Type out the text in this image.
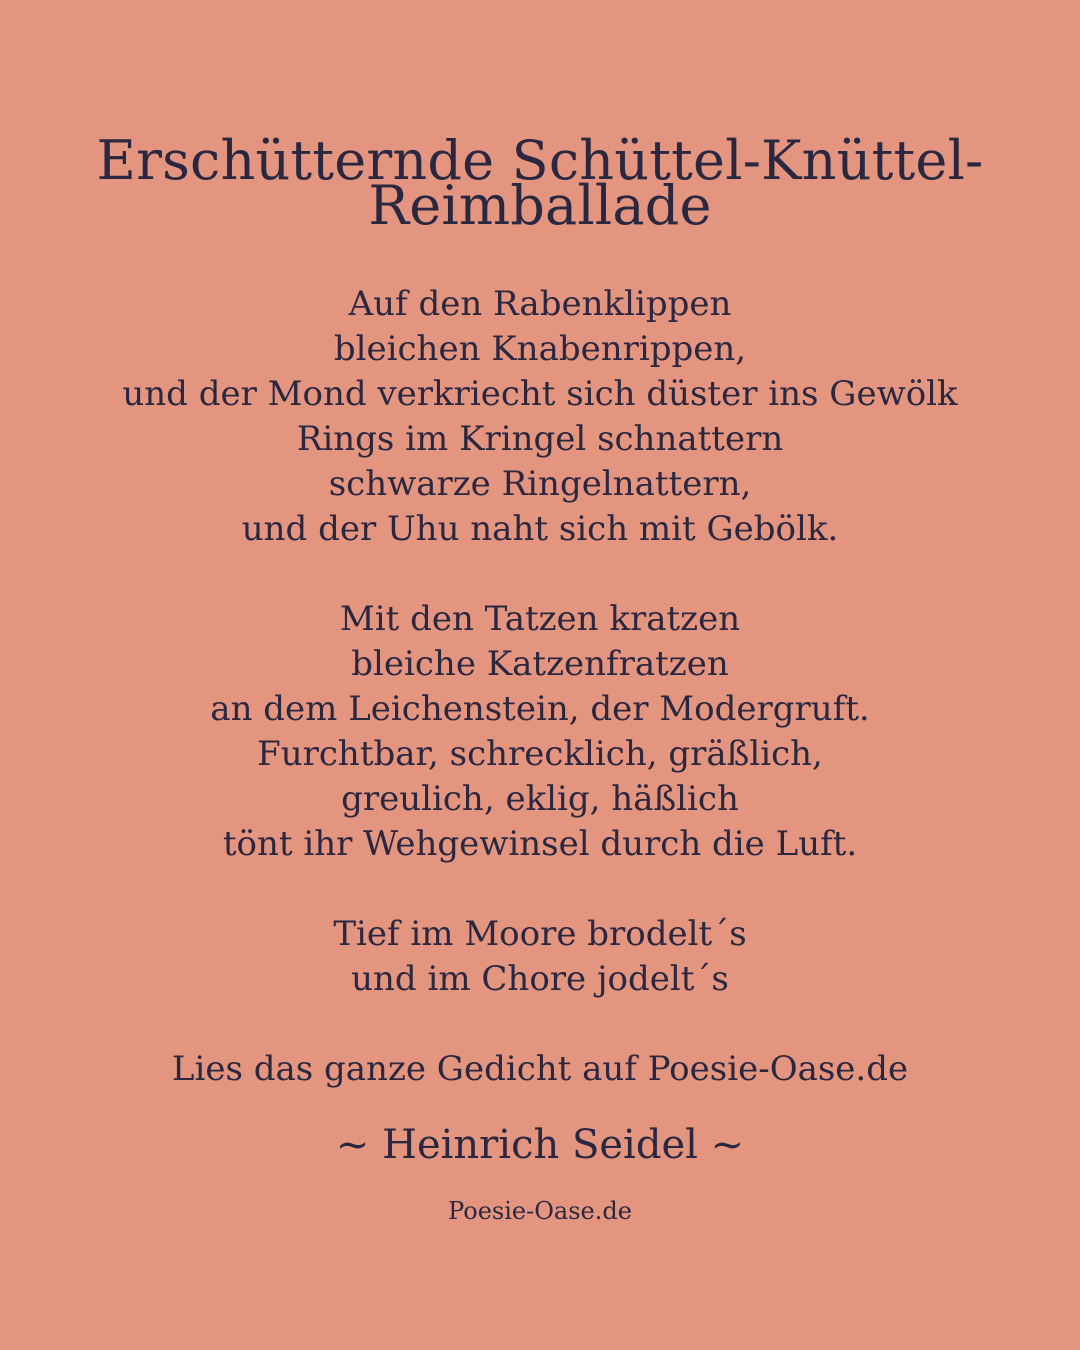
Erschütternde Schüttel-Knüttel-
Reimballade
Auf den Rabenklippen
bleichen Knabenrippen,
und der Mond verkriecht sich düster ins Gewölk
Rings im Kringel schnattern
schwarze Ringelnattern,
und der Uhu naht sich mit Gebölk.
Mit den Tatzen kratzen
bleiche Katzenfratzen
an dem Leichenstein, der Modergruft.
Furchtbar, schrecklich, gräßlich,
greulich, eklig, häßlich
tönt ihr Wehgewinsel durch die Luft.
Tief im Moore brodelt´s
und im Chore jodelt´s
Lies das ganze Gedicht auf Poesie-Oase.de
~ Heinrich Seidel ~
Poesie-Oase.de
